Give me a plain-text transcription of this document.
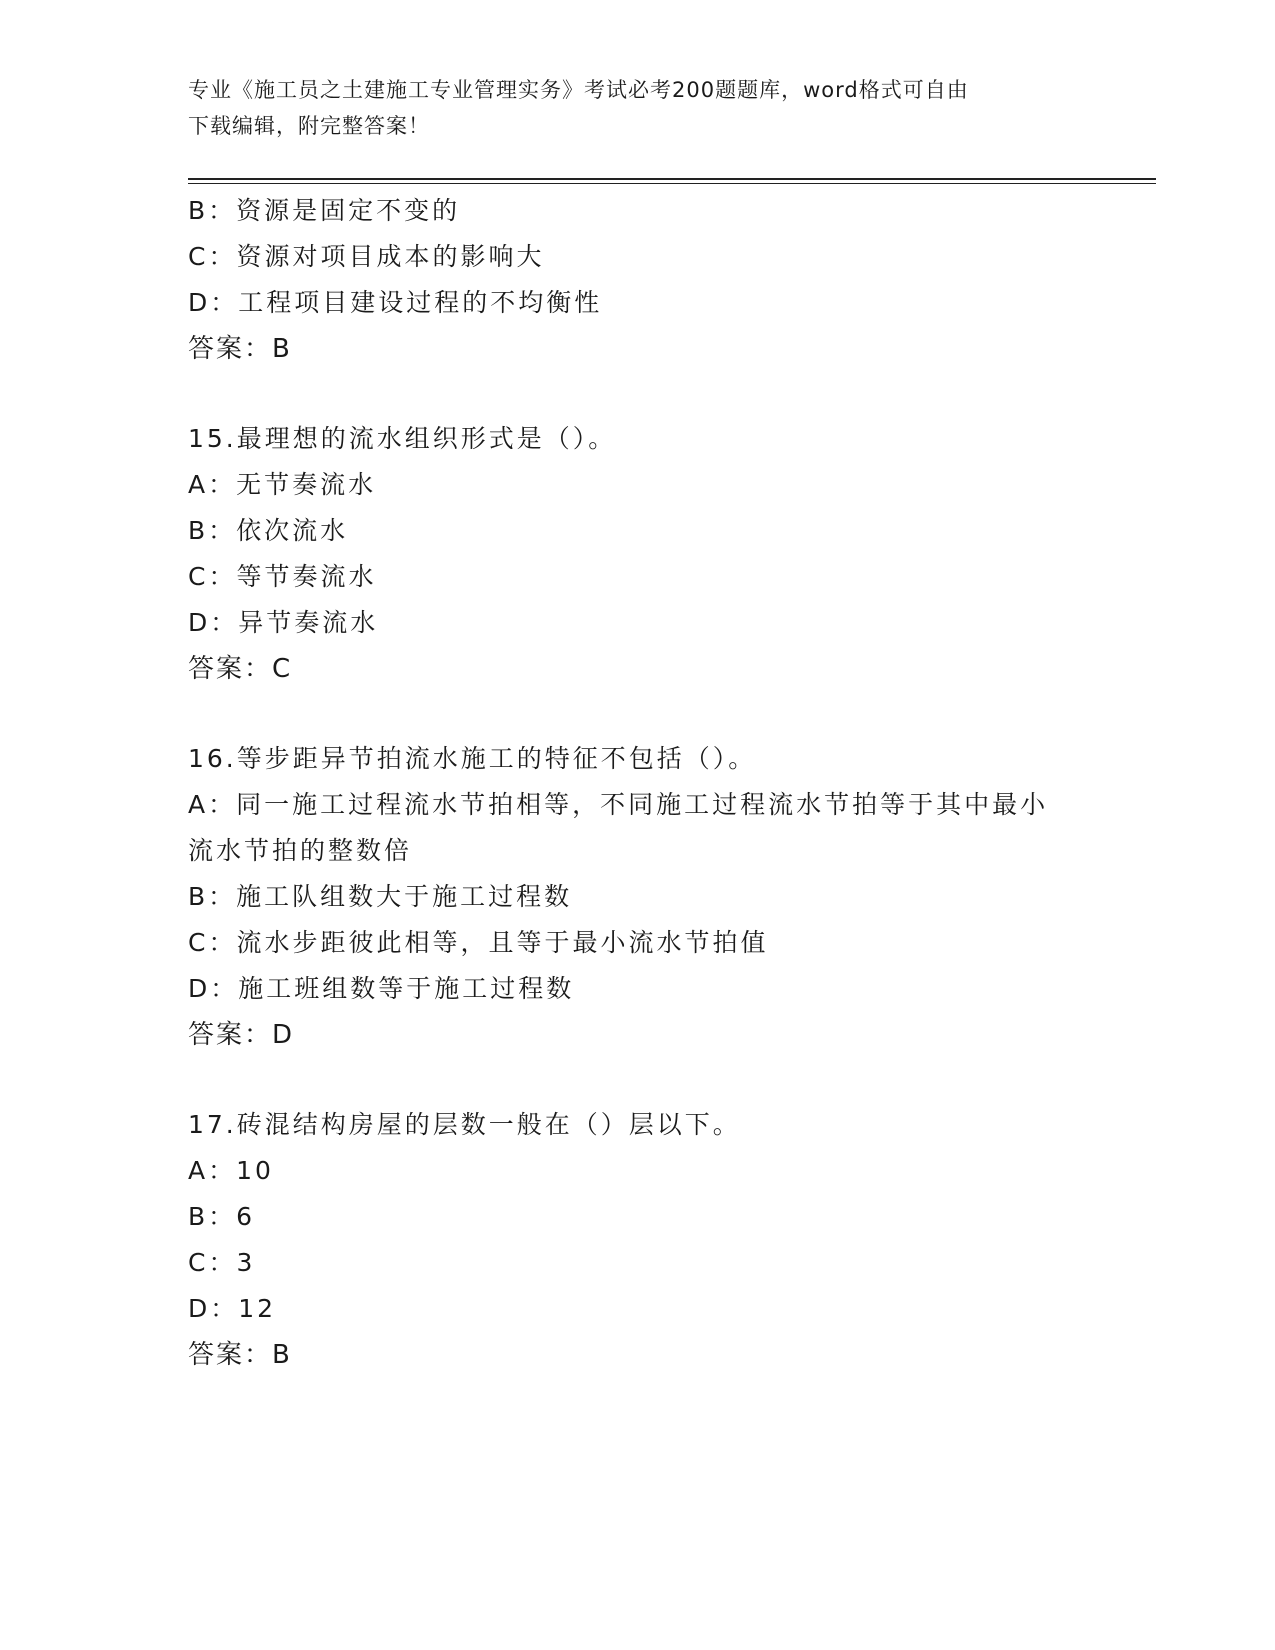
专业《施工员之土建施工专业管理实务》考试必考200题题库，word格式可自由
下载编辑，附完整答案！
B：资源是固定不变的
C：资源对项目成本的影响大
D：工程项目建设过程的不均衡性
答案：B
15.最理想的流水组织形式是（）。
A：无节奏流水
B：依次流水
C：等节奏流水
D：异节奏流水
答案：C
16.等步距异节拍流水施工的特征不包括（）。
A：同一施工过程流水节拍相等，不同施工过程流水节拍等于其中最小
流水节拍的整数倍
B：施工队组数大于施工过程数
C：流水步距彼此相等，且等于最小流水节拍值
D：施工班组数等于施工过程数
答案：D
17.砖混结构房屋的层数一般在（）层以下。
A：10
B：6
C：3
D：12
答案：B
